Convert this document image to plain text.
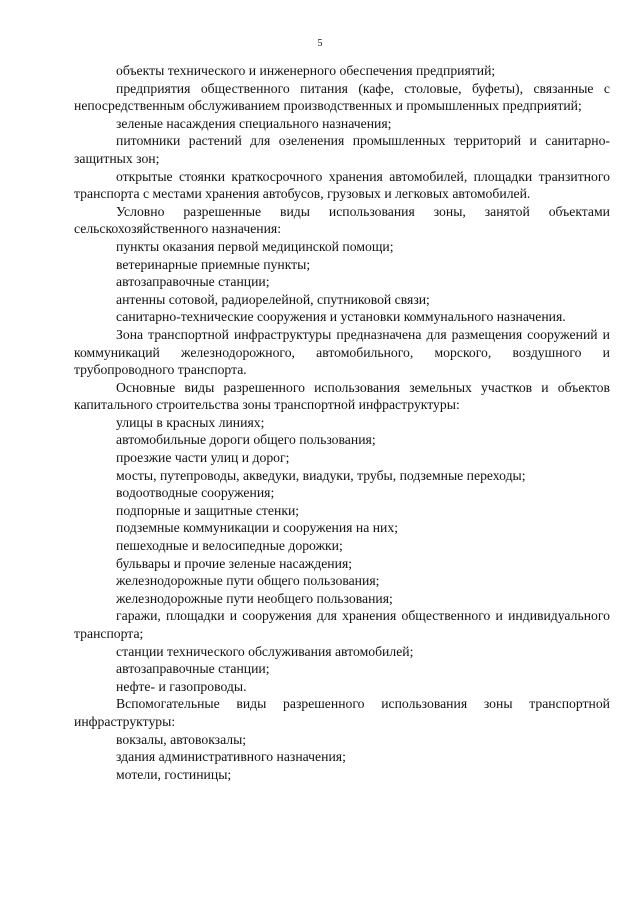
5

объекты технического и инженерного обеспечения предприятий;

предприятия общественного питания (кафе, столовые, буфеты), связанные с непосредственным обслуживанием производственных и промышленных предприятий;

зеленые насаждения специального назначения;

питомники растений для озеленения промышленных территорий и санитарно-защитных зон;

открытые стоянки краткосрочного хранения автомобилей, площадки транзитного транспорта с местами хранения автобусов, грузовых и легковых автомобилей.

Условно разрешенные виды использования зоны, занятой объектами сельскохозяйственного назначения:

пункты оказания первой медицинской помощи;

ветеринарные приемные пункты;

автозаправочные станции;

антенны сотовой, радиорелейной, спутниковой связи;

санитарно-технические сооружения и установки коммунального назначения.

Зона транспортной инфраструктуры предназначена для размещения сооружений и коммуникаций железнодорожного, автомобильного, морского, воздушного и трубопроводного транспорта.

Основные виды разрешенного использования земельных участков и объектов капитального строительства зоны транспортной инфраструктуры:

улицы в красных линиях;

автомобильные дороги общего пользования;

проезжие части улиц и дорог;

мосты, путепроводы, акведуки, виадуки, трубы, подземные переходы;

водоотводные сооружения;

подпорные и защитные стенки;

подземные коммуникации и сооружения на них;

пешеходные и велосипедные дорожки;

бульвары и прочие зеленые насаждения;

железнодорожные пути общего пользования;

железнодорожные пути необщего пользования;

гаражи, площадки и сооружения для хранения общественного и индивидуального транспорта;

станции технического обслуживания автомобилей;

автозаправочные станции;

нефте- и газопроводы.

Вспомогательные виды разрешенного использования зоны транспортной инфраструктуры:

вокзалы, автовокзалы;

здания административного назначения;

мотели, гостиницы;
